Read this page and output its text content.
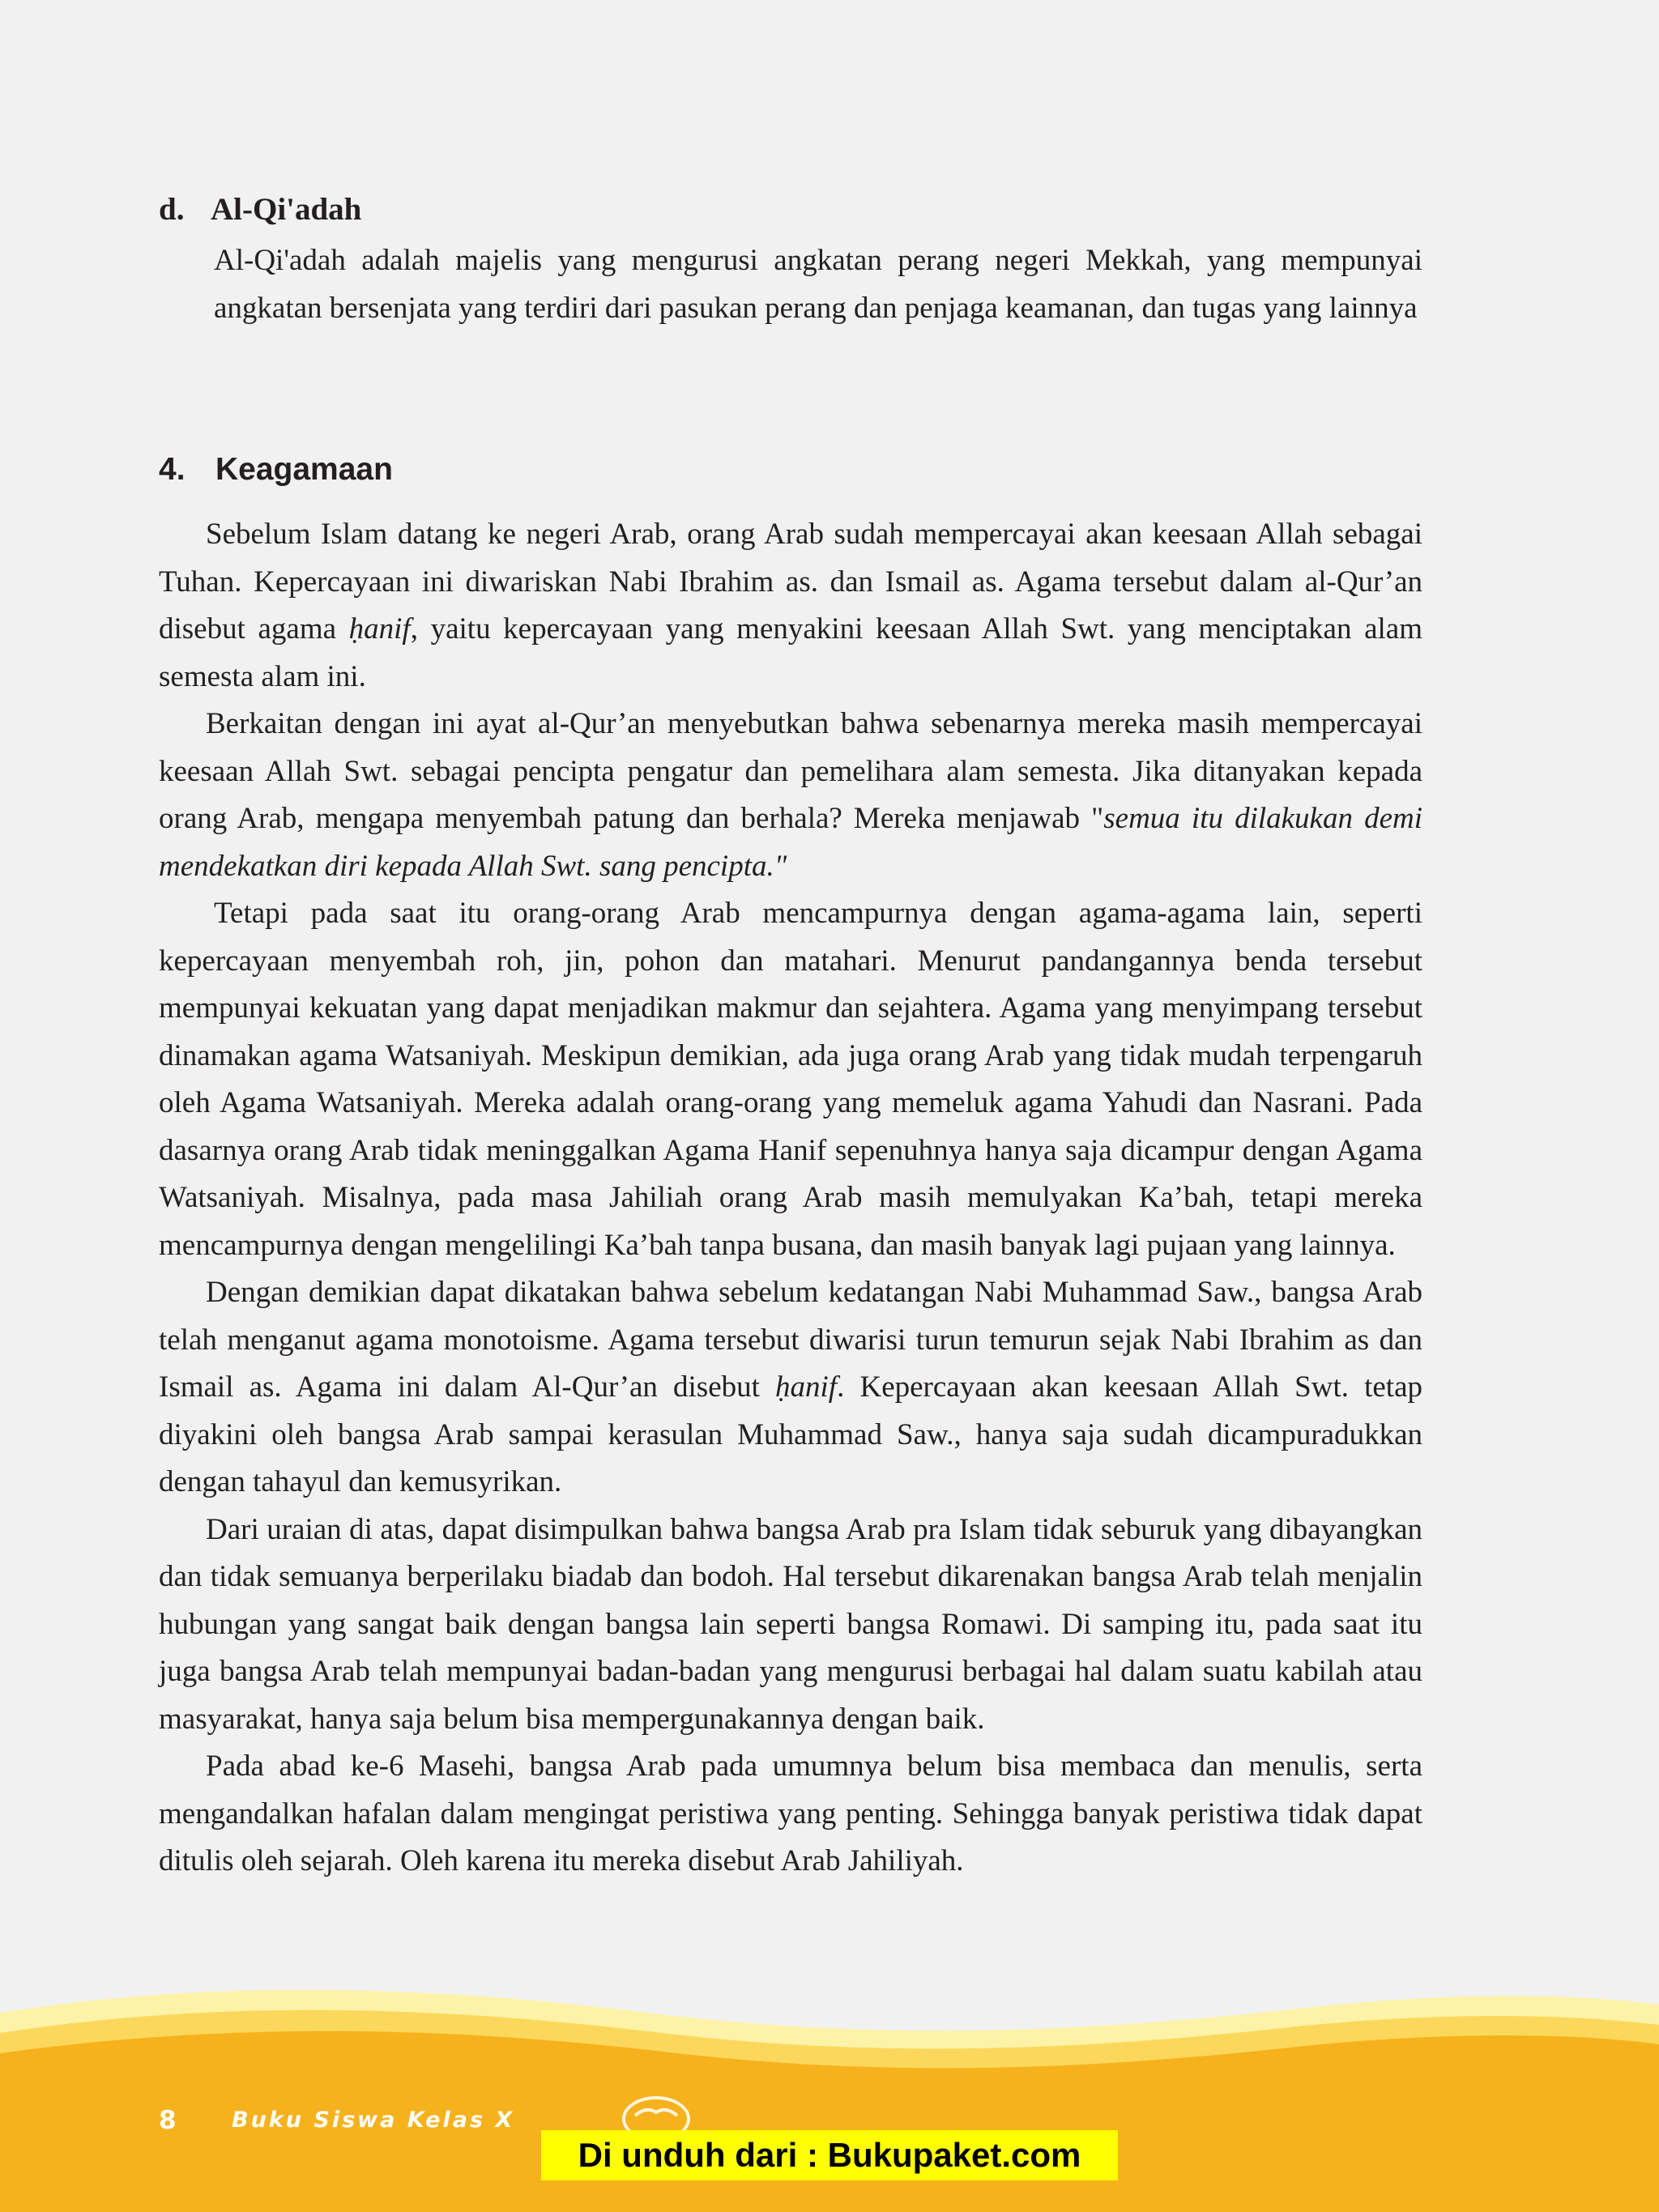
d. Al-Qi'adah

Al-Qi'adah adalah majelis yang mengurusi angkatan perang negeri Mekkah, yang mempunyai angkatan bersenjata yang terdiri dari pasukan perang dan penjaga keamanan, dan tugas yang lainnya

4. Keagamaan

Sebelum Islam datang ke negeri Arab, orang Arab sudah mempercayai akan keesaan Allah sebagai Tuhan. Kepercayaan ini diwariskan Nabi Ibrahim as. dan Ismail as. Agama tersebut dalam al-Qur’an disebut agama ḥanif, yaitu kepercayaan yang menyakini keesaan Allah Swt. yang menciptakan alam semesta alam ini.

Berkaitan dengan ini ayat al-Qur’an menyebutkan bahwa sebenarnya mereka masih mempercayai keesaan Allah Swt. sebagai pencipta pengatur dan pemelihara alam semesta. Jika ditanyakan kepada orang Arab, mengapa menyembah patung dan berhala? Mereka menjawab "semua itu dilakukan demi mendekatkan diri kepada Allah Swt. sang pencipta."

Tetapi pada saat itu orang-orang Arab mencampurnya dengan agama-agama lain, seperti kepercayaan menyembah roh, jin, pohon dan matahari. Menurut pandangannya benda tersebut mempunyai kekuatan yang dapat menjadikan makmur dan sejahtera. Agama yang menyimpang tersebut dinamakan agama Watsaniyah. Meskipun demikian, ada juga orang Arab yang tidak mudah terpengaruh oleh Agama Watsaniyah. Mereka adalah orang-orang yang memeluk agama Yahudi dan Nasrani. Pada dasarnya orang Arab tidak meninggalkan Agama Hanif sepenuhnya hanya saja dicampur dengan Agama Watsaniyah. Misalnya, pada masa Jahiliah orang Arab masih memulyakan Ka’bah, tetapi mereka mencampurnya dengan mengelilingi Ka’bah tanpa busana, dan masih banyak lagi pujaan yang lainnya.

Dengan demikian dapat dikatakan bahwa sebelum kedatangan Nabi Muhammad Saw., bangsa Arab telah menganut agama monotoisme. Agama tersebut diwarisi turun temurun sejak Nabi Ibrahim as dan Ismail as. Agama ini dalam Al-Qur’an disebut ḥanif. Kepercayaan akan keesaan Allah Swt. tetap diyakini oleh bangsa Arab sampai kerasulan Muhammad Saw., hanya saja sudah dicampuradukkan dengan tahayul dan kemusyrikan.

Dari uraian di atas, dapat disimpulkan bahwa bangsa Arab pra Islam tidak seburuk yang dibayangkan dan tidak semuanya berperilaku biadab dan bodoh. Hal tersebut dikarenakan bangsa Arab telah menjalin hubungan yang sangat baik dengan bangsa lain seperti bangsa Romawi. Di samping itu, pada saat itu juga bangsa Arab telah mempunyai badan-badan yang mengurusi berbagai hal dalam suatu kabilah atau masyarakat, hanya saja belum bisa mempergunakannya dengan baik.

Pada abad ke-6 Masehi, bangsa Arab pada umumnya belum bisa membaca dan menulis, serta mengandalkan hafalan dalam mengingat peristiwa yang penting. Sehingga banyak peristiwa tidak dapat ditulis oleh sejarah. Oleh karena itu mereka disebut Arab Jahiliyah.

8	Buku Siswa Kelas X
Di unduh dari : Bukupaket.com
